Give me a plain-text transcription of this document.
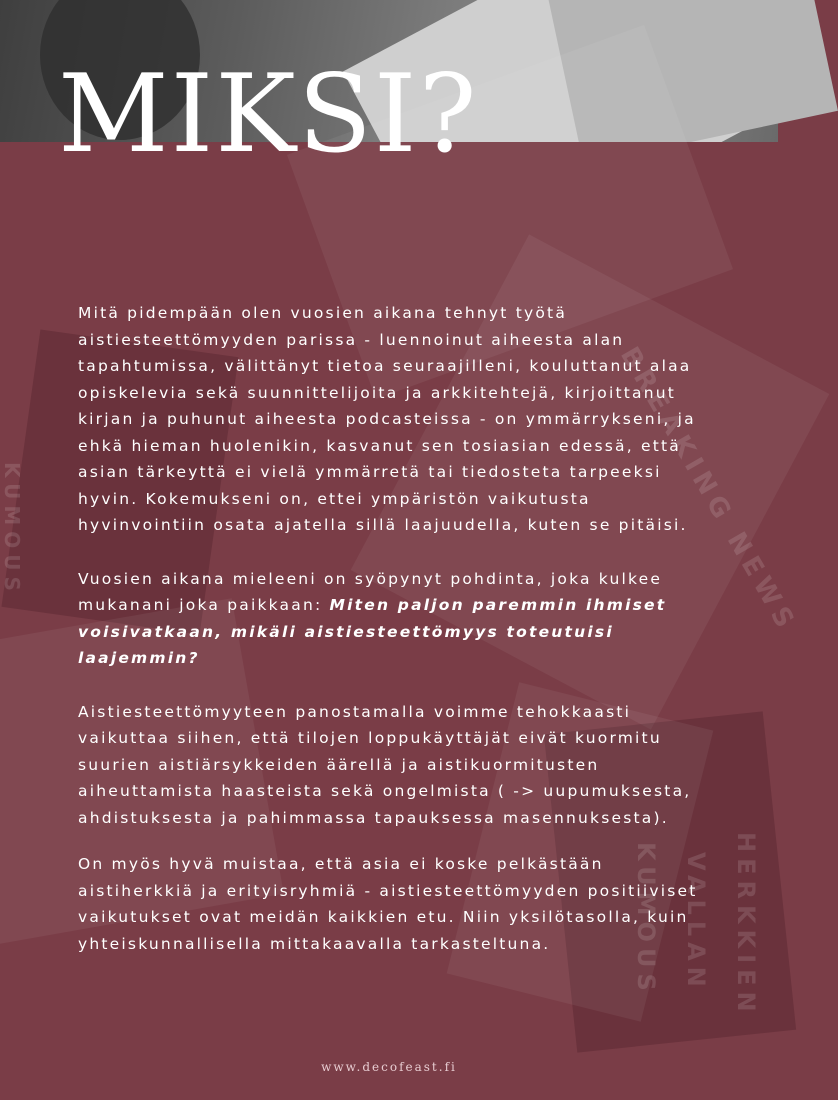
KUMOUS	BREAKING NEWS
HERKKIEN
VALLAN
KUMOUS
MIKSI?

Mitä pidempään olen vuosien aikana tehnyt työtä aistiesteettömyyden parissa - luennoinut aiheesta alan tapahtumissa, välittänyt tietoa seuraajilleni, kouluttanut alaa opiskelevia sekä suunnittelijoita ja arkkitehtejä, kirjoittanut kirjan ja puhunut aiheesta podcasteissa - on ymmärrykseni, ja ehkä hieman huolenikin, kasvanut sen tosiasian edessä, että asian tärkeyttä ei vielä ymmärretä tai tiedosteta tarpeeksi hyvin. Kokemukseni on, ettei ympäristön vaikutusta hyvinvointiin osata ajatella sillä laajuudella, kuten se pitäisi.

Vuosien aikana mieleeni on syöpynyt pohdinta, joka kulkee mukanani joka paikkaan: Miten paljon paremmin ihmiset voisivatkaan, mikäli aistiesteettömyys toteutuisi laajemmin?

Aistiesteettömyyteen panostamalla voimme tehokkaasti vaikuttaa siihen, että tilojen loppukäyttäjät eivät kuormitu suurien aistiärsykkeiden äärellä ja aistikuormitusten aiheuttamista haasteista sekä ongelmista ( -> uupumuksesta, ahdistuksesta ja pahimmassa tapauksessa masennuksesta).

On myös hyvä muistaa, että asia ei koske pelkästään aistiherkkiä ja erityisryhmiä - aistiesteettömyyden positiiviset vaikutukset ovat meidän kaikkien etu. Niin yksilötasolla, kuin yhteiskunnallisella mittakaavalla tarkasteltuna.

www.decofeast.fi
